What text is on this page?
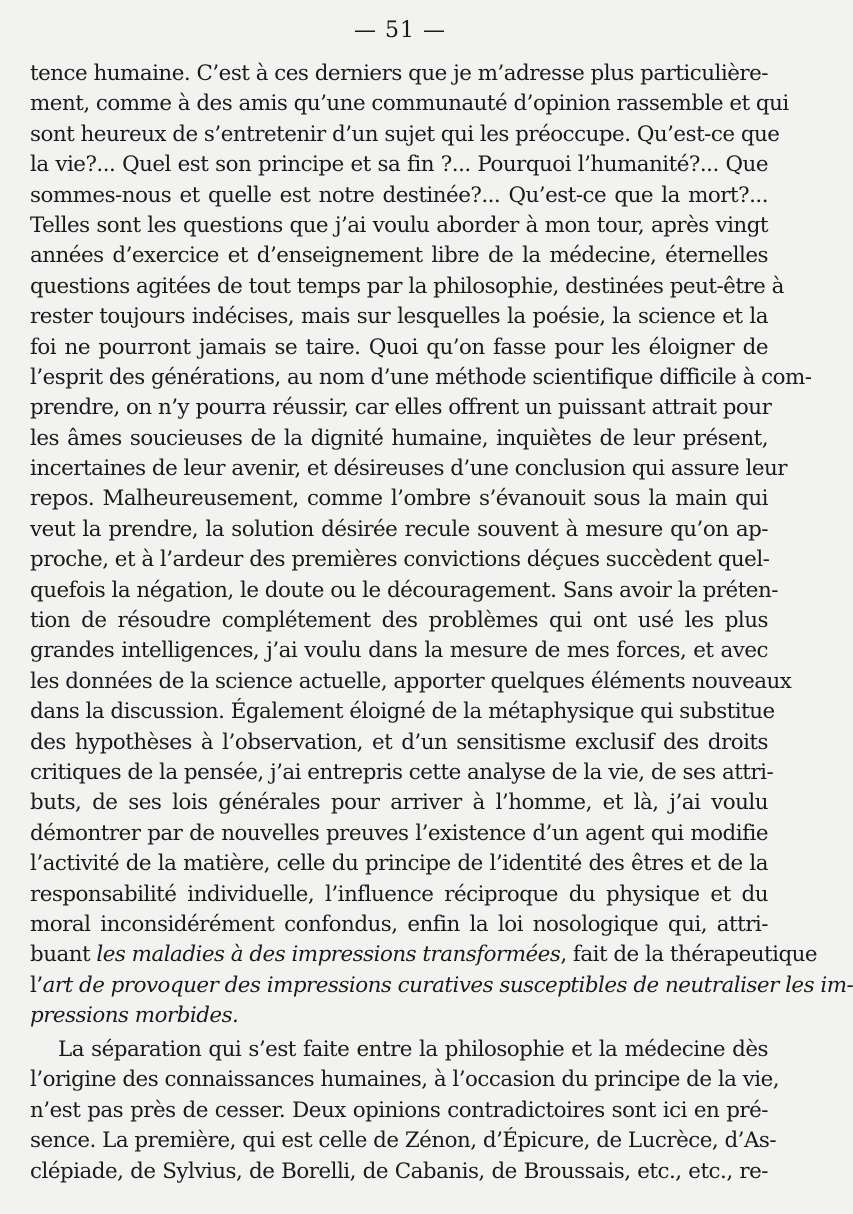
— 51 —
tence humaine. C’est à ces derniers que je m’adresse plus particulière-
ment, comme à des amis qu’une communauté d’opinion rassemble et qui
sont heureux de s’entretenir d’un sujet qui les préoccupe. Qu’est-ce que
la vie?... Quel est son principe et sa fin ?... Pourquoi l’humanité?... Que
sommes-nous et quelle est notre destinée?... Qu’est-ce que la mort?...
Telles sont les questions que j’ai voulu aborder à mon tour, après vingt
années d’exercice et d’enseignement libre de la médecine, éternelles
questions agitées de tout temps par la philosophie, destinées peut-être à
rester toujours indécises, mais sur lesquelles la poésie, la science et la
foi ne pourront jamais se taire. Quoi qu’on fasse pour les éloigner de
l’esprit des générations, au nom d’une méthode scientifique difficile à com-
prendre, on n’y pourra réussir, car elles offrent un puissant attrait pour
les âmes soucieuses de la dignité humaine, inquiètes de leur présent,
incertaines de leur avenir, et désireuses d’une conclusion qui assure leur
repos. Malheureusement, comme l’ombre s’évanouit sous la main qui
veut la prendre, la solution désirée recule souvent à mesure qu’on ap-
proche, et à l’ardeur des premières convictions déçues succèdent quel-
quefois la négation, le doute ou le découragement. Sans avoir la préten-
tion de résoudre complétement des problèmes qui ont usé les plus
grandes intelligences, j’ai voulu dans la mesure de mes forces, et avec
les données de la science actuelle, apporter quelques éléments nouveaux
dans la discussion. Également éloigné de la métaphysique qui substitue
des hypothèses à l’observation, et d’un sensitisme exclusif des droits
critiques de la pensée, j’ai entrepris cette analyse de la vie, de ses attri-
buts, de ses lois générales pour arriver à l’homme, et là, j’ai voulu
démontrer par de nouvelles preuves l’existence d’un agent qui modifie
l’activité de la matière, celle du principe de l’identité des êtres et de la
responsabilité individuelle, l’influence réciproque du physique et du
moral inconsidérément confondus, enfin la loi nosologique qui, attri-
buant les maladies à des impressions transformées, fait de la thérapeutique
l’art de provoquer des impressions curatives susceptibles de neutraliser les im-
pressions morbides.
La séparation qui s’est faite entre la philosophie et la médecine dès
l’origine des connaissances humaines, à l’occasion du principe de la vie,
n’est pas près de cesser. Deux opinions contradictoires sont ici en pré-
sence. La première, qui est celle de Zénon, d’Épicure, de Lucrèce, d’As-
clépiade, de Sylvius, de Borelli, de Cabanis, de Broussais, etc., etc., re-
